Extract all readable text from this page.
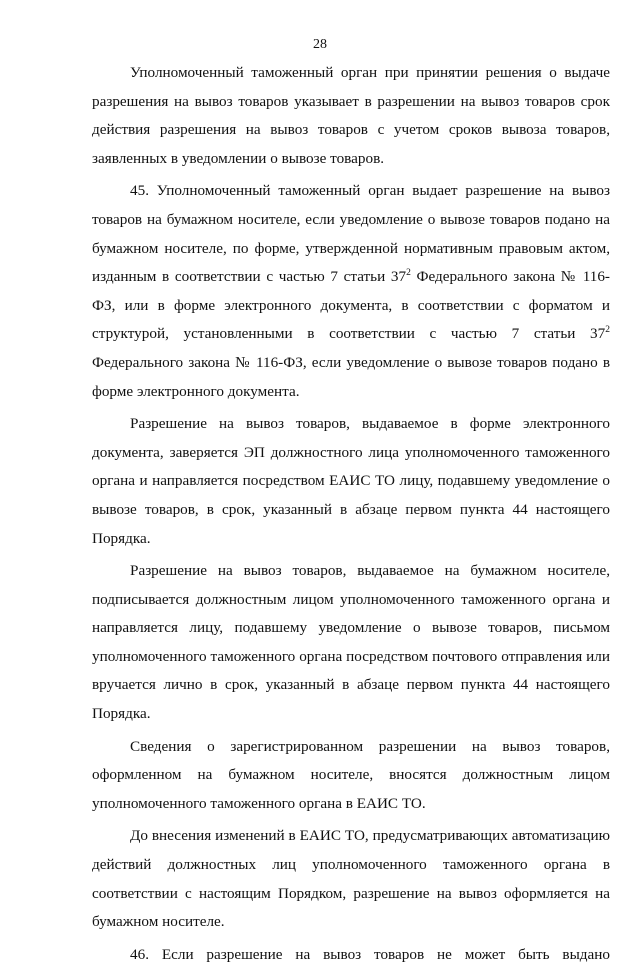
28

Уполномоченный таможенный орган при принятии решения о выдаче разрешения на вывоз товаров указывает в разрешении на вывоз товаров срок действия разрешения на вывоз товаров с учетом сроков вывоза товаров, заявленных в уведомлении о вывозе товаров.

45. Уполномоченный таможенный орган выдает разрешение на вывоз товаров на бумажном носителе, если уведомление о вывозе товаров подано на бумажном носителе, по форме, утвержденной нормативным правовым актом, изданным в соответствии с частью 7 статьи $37^2$ Федерального закона № 116-ФЗ, или в форме электронного документа, в соответствии с форматом и структурой, установленными в соответствии с частью 7 статьи $37^2$ Федерального закона № 116-ФЗ, если уведомление о вывозе товаров подано в форме электронного документа.

Разрешение на вывоз товаров, выдаваемое в форме электронного документа, заверяется ЭП должностного лица уполномоченного таможенного органа и направляется посредством ЕАИС ТО лицу, подавшему уведомление о вывозе товаров, в срок, указанный в абзаце первом пункта 44 настоящего Порядка.

Разрешение на вывоз товаров, выдаваемое на бумажном носителе, подписывается должностным лицом уполномоченного таможенного органа и направляется лицу, подавшему уведомление о вывозе товаров, письмом уполномоченного таможенного органа посредством почтового отправления или вручается лично в срок, указанный в абзаце первом пункта 44 настоящего Порядка.

Сведения о зарегистрированном разрешении на вывоз товаров, оформленном на бумажном носителе, вносятся должностным лицом уполномоченного таможенного органа в ЕАИС ТО.

До внесения изменений в ЕАИС ТО, предусматривающих автоматизацию действий должностных лиц уполномоченного таможенного органа в соответствии с настоящим Порядком, разрешение на вывоз оформляется на бумажном носителе.

46. Если разрешение на вывоз товаров не может быть выдано
